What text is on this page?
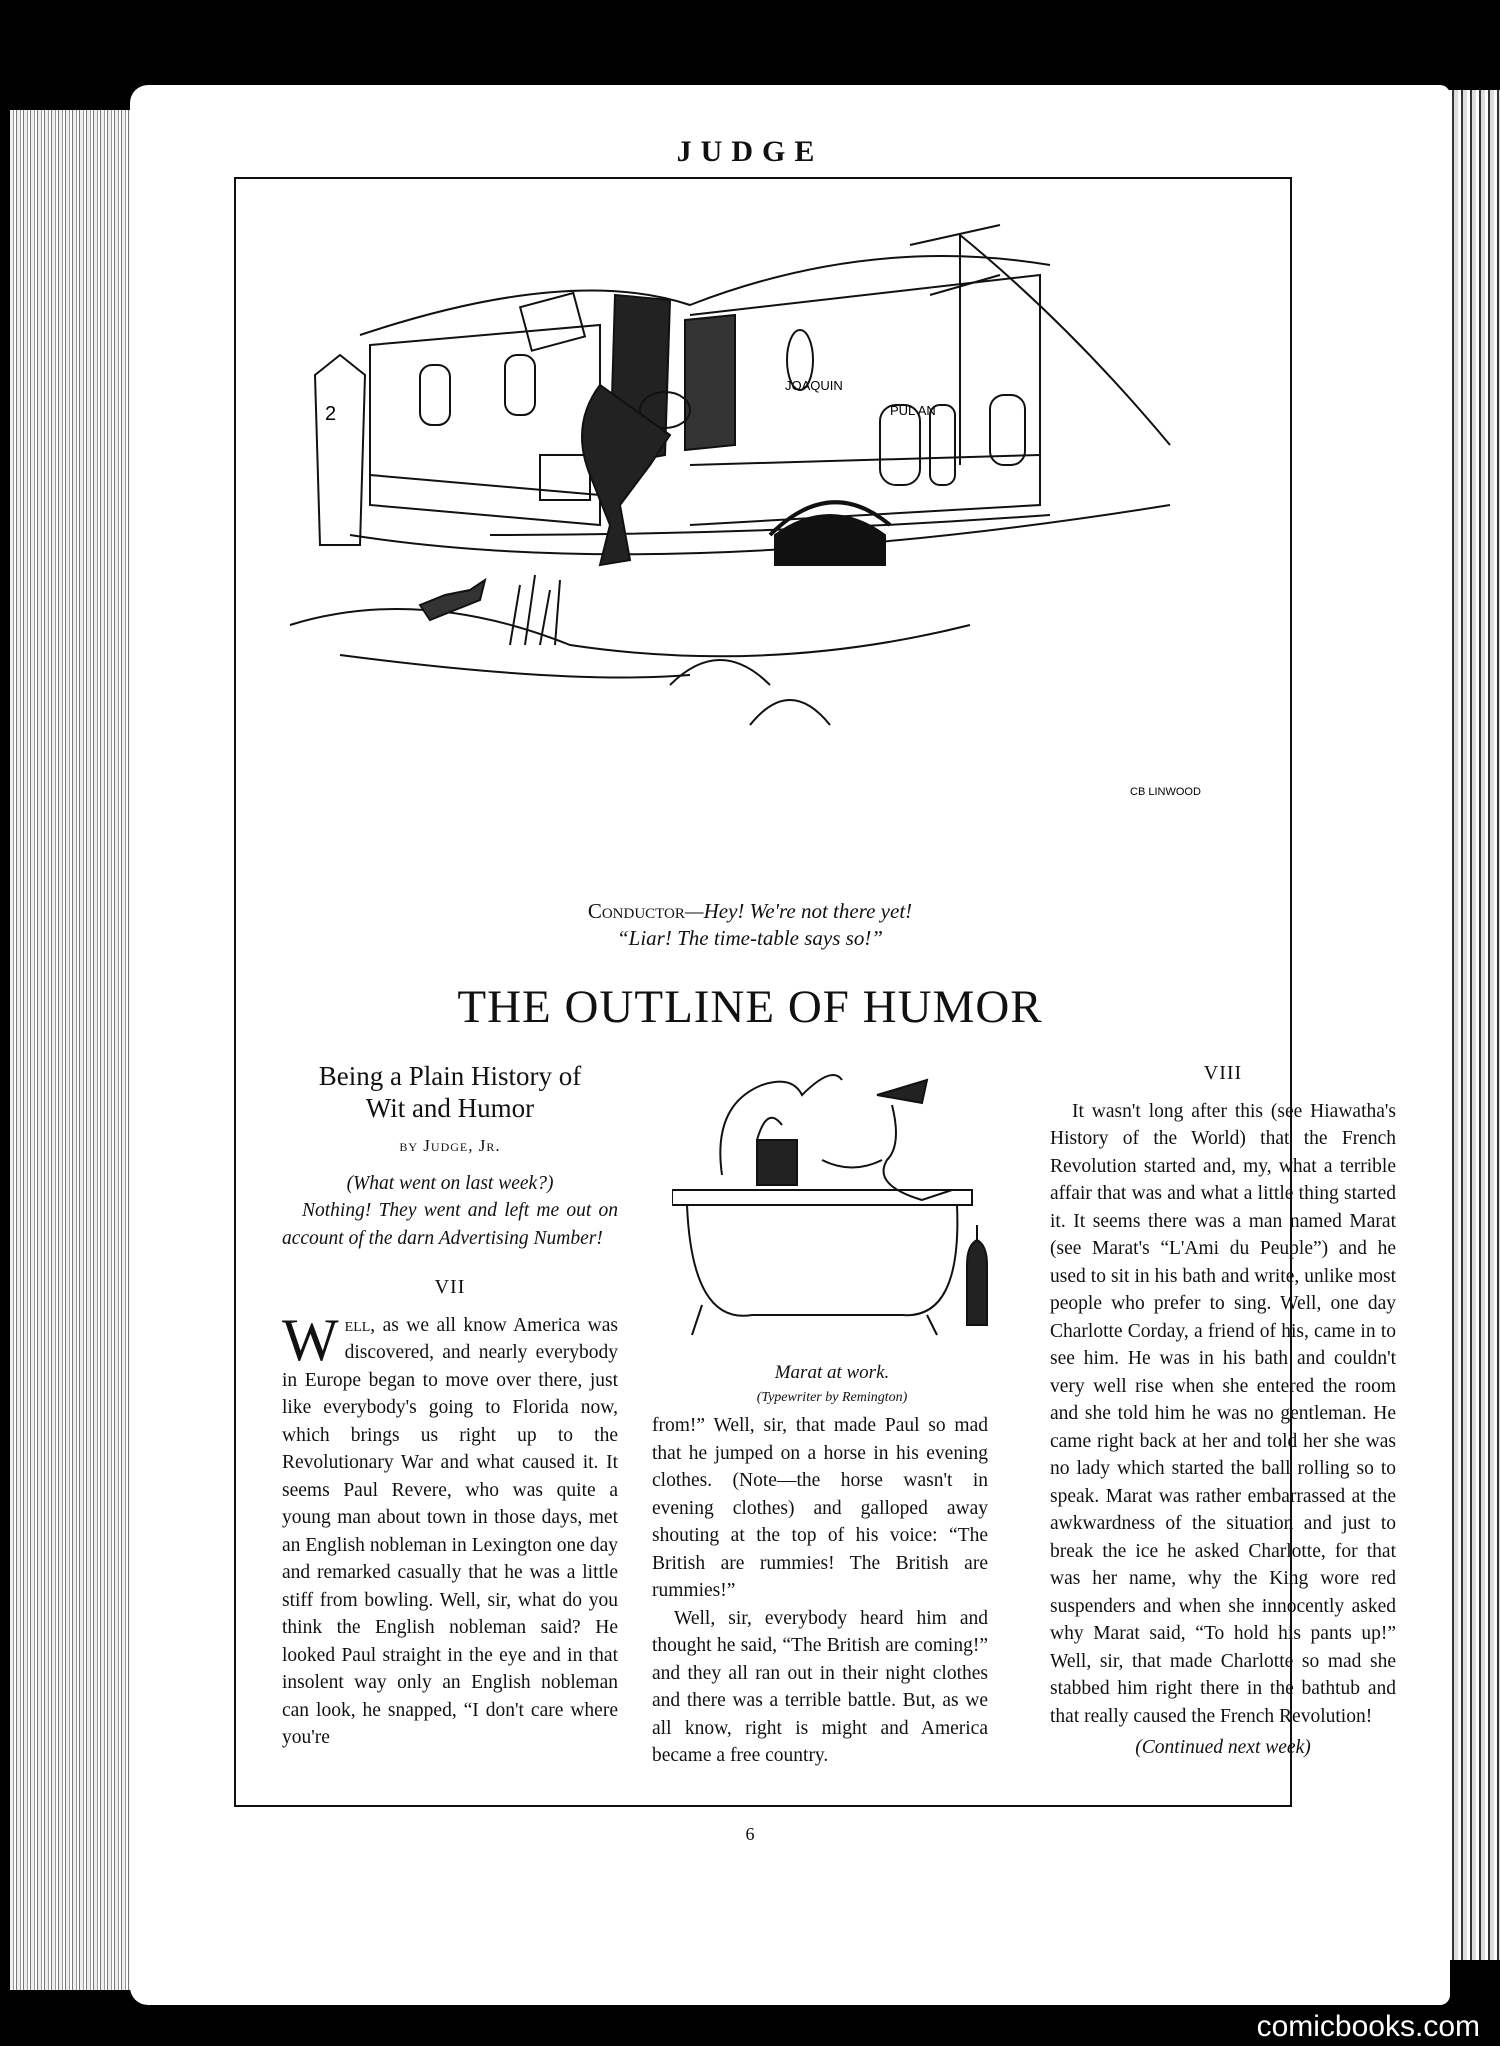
JUDGE
JOAQUIN
PUL AN
2
CB LINWOOD
Conductor—Hey! We're not there yet!
“Liar! The time-table says so!”
THE OUTLINE OF HUMOR
Being a Plain History of
Wit and Humor
by Judge, Jr.
(What went on last week?)
Nothing! They went and left me out on account of the darn Advertising Number!
VII

Well, as we all know America was discovered, and nearly everybody in Europe began to move over there, just like everybody's going to Florida now, which brings us right up to the Revolutionary War and what caused it. It seems Paul Revere, who was quite a young man about town in those days, met an English nobleman in Lexington one day and remarked casually that he was a little stiff from bowling. Well, sir, what do you think the English nobleman said? He looked Paul straight in the eye and in that insolent way only an English nobleman can look, he snapped, “I don't care where you're

Marat at work.
(Typewriter by Remington)

from!” Well, sir, that made Paul so mad that he jumped on a horse in his evening clothes. (Note—the horse wasn't in evening clothes) and galloped away shouting at the top of his voice: “The British are rummies! The British are rummies!”

Well, sir, everybody heard him and thought he said, “The British are coming!” and they all ran out in their night clothes and there was a terrible battle. But, as we all know, right is might and America became a free country.

VIII

It wasn't long after this (see Hiawatha's History of the World) that the French Revolution started and, my, what a terrible affair that was and what a little thing started it. It seems there was a man named Marat (see Marat's “L'Ami du Peuple”) and he used to sit in his bath and write, unlike most people who prefer to sing. Well, one day Charlotte Corday, a friend of his, came in to see him. He was in his bath and couldn't very well rise when she entered the room and she told him he was no gentleman. He came right back at her and told her she was no lady which started the ball rolling so to speak. Marat was rather embarrassed at the awkwardness of the situation and just to break the ice he asked Charlotte, for that was her name, why the King wore red suspenders and when she innocently asked why Marat said, “To hold his pants up!” Well, sir, that made Charlotte so mad she stabbed him right there in the bathtub and that really caused the French Revolution!

(Continued next week)
6
comicbooks.com
